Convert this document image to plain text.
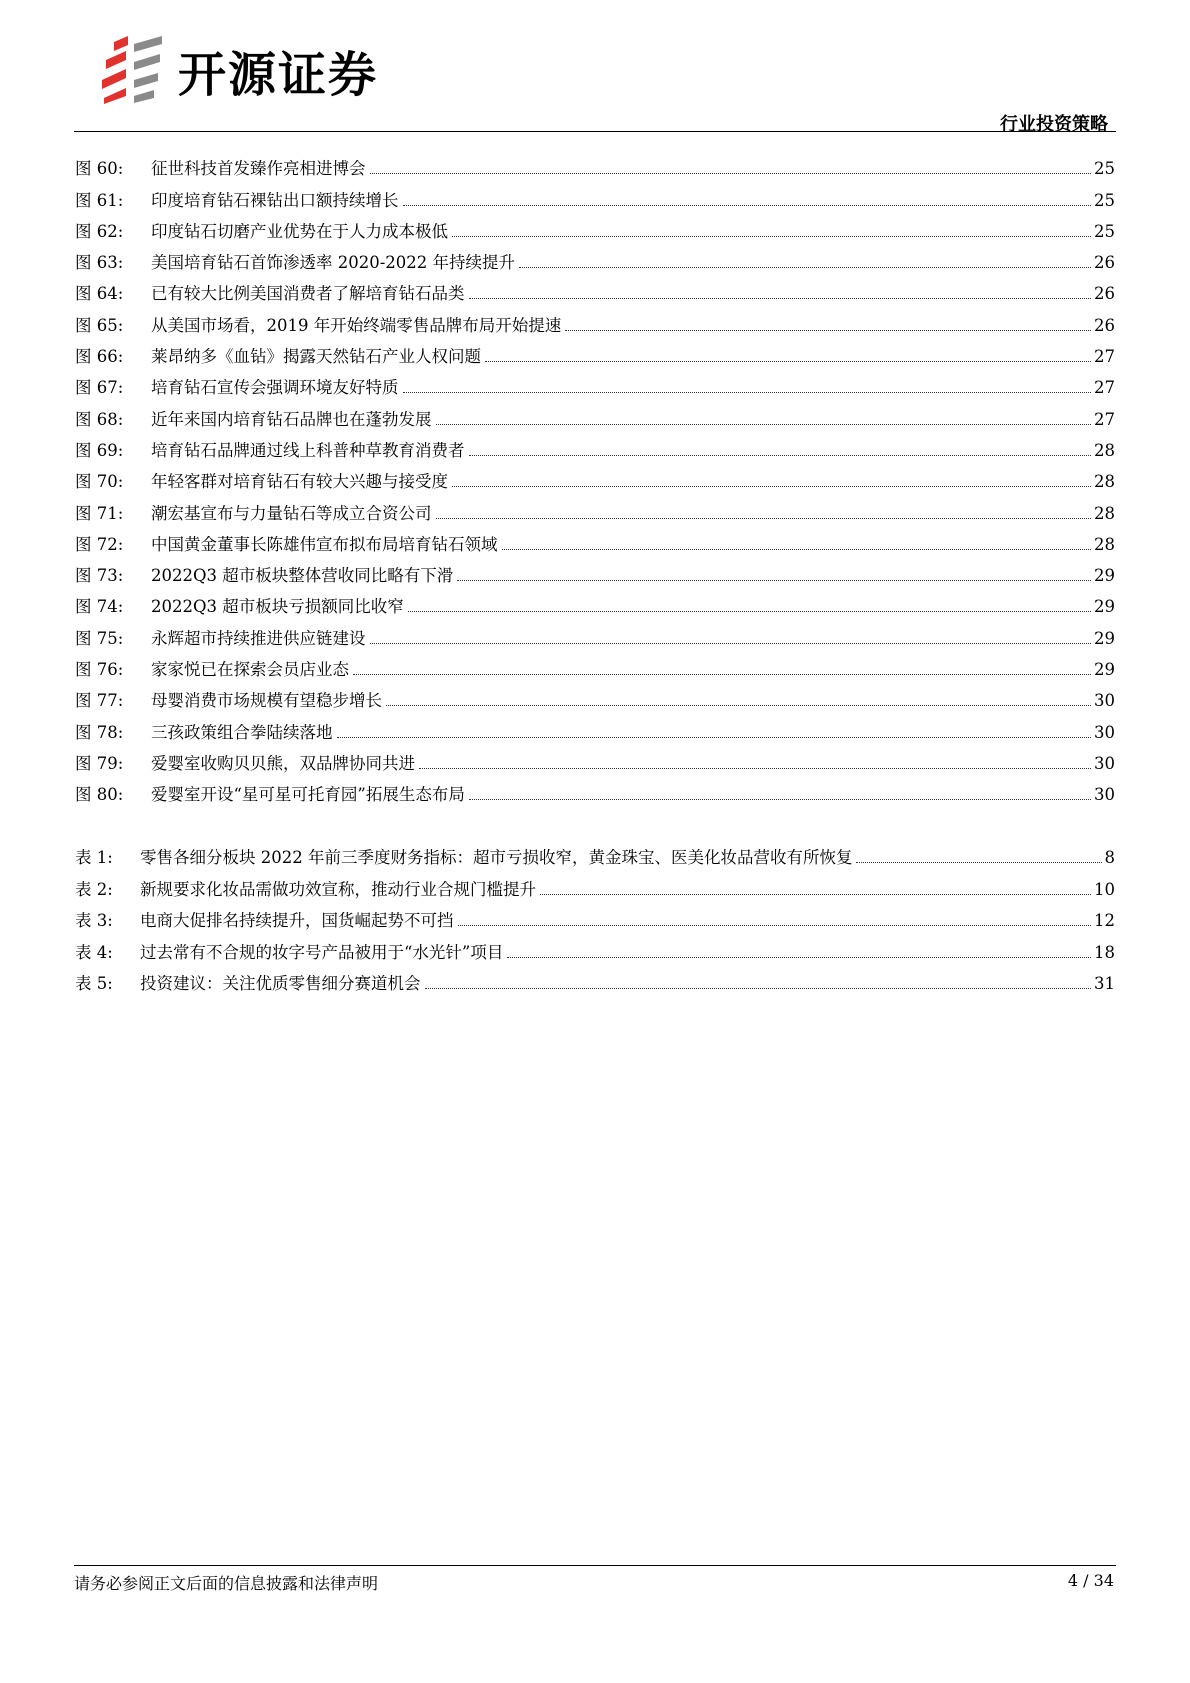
开源证券
行业投资策略
图 60:	征世科技首发臻作亮相进博会	25
图 61:	印度培育钻石裸钻出口额持续增长	25
图 62:	印度钻石切磨产业优势在于人力成本极低	25
图 63:	美国培育钻石首饰渗透率 2020-2022 年持续提升	26
图 64:	已有较大比例美国消费者了解培育钻石品类	26
图 65:	从美国市场看，2019 年开始终端零售品牌布局开始提速	26
图 66:	莱昂纳多《血钻》揭露天然钻石产业人权问题	27
图 67:	培育钻石宣传会强调环境友好特质	27
图 68:	近年来国内培育钻石品牌也在蓬勃发展	27
图 69:	培育钻石品牌通过线上科普种草教育消费者	28
图 70:	年轻客群对培育钻石有较大兴趣与接受度	28
图 71:	潮宏基宣布与力量钻石等成立合资公司	28
图 72:	中国黄金董事长陈雄伟宣布拟布局培育钻石领域	28
图 73:	2022Q3 超市板块整体营收同比略有下滑	29
图 74:	2022Q3 超市板块亏损额同比收窄	29
图 75:	永辉超市持续推进供应链建设	29
图 76:	家家悦已在探索会员店业态	29
图 77:	母婴消费市场规模有望稳步增长	30
图 78:	三孩政策组合拳陆续落地	30
图 79:	爱婴室收购贝贝熊，双品牌协同共进	30
图 80:	爱婴室开设“星可星可托育园”拓展生态布局	30
表 1:	零售各细分板块 2022 年前三季度财务指标：超市亏损收窄，黄金珠宝、医美化妆品营收有所恢复	8
表 2:	新规要求化妆品需做功效宣称，推动行业合规门槛提升	10
表 3:	电商大促排名持续提升，国货崛起势不可挡	12
表 4:	过去常有不合规的妆字号产品被用于“水光针”项目	18
表 5:	投资建议：关注优质零售细分赛道机会	31
请务必参阅正文后面的信息披露和法律声明	4 / 34
